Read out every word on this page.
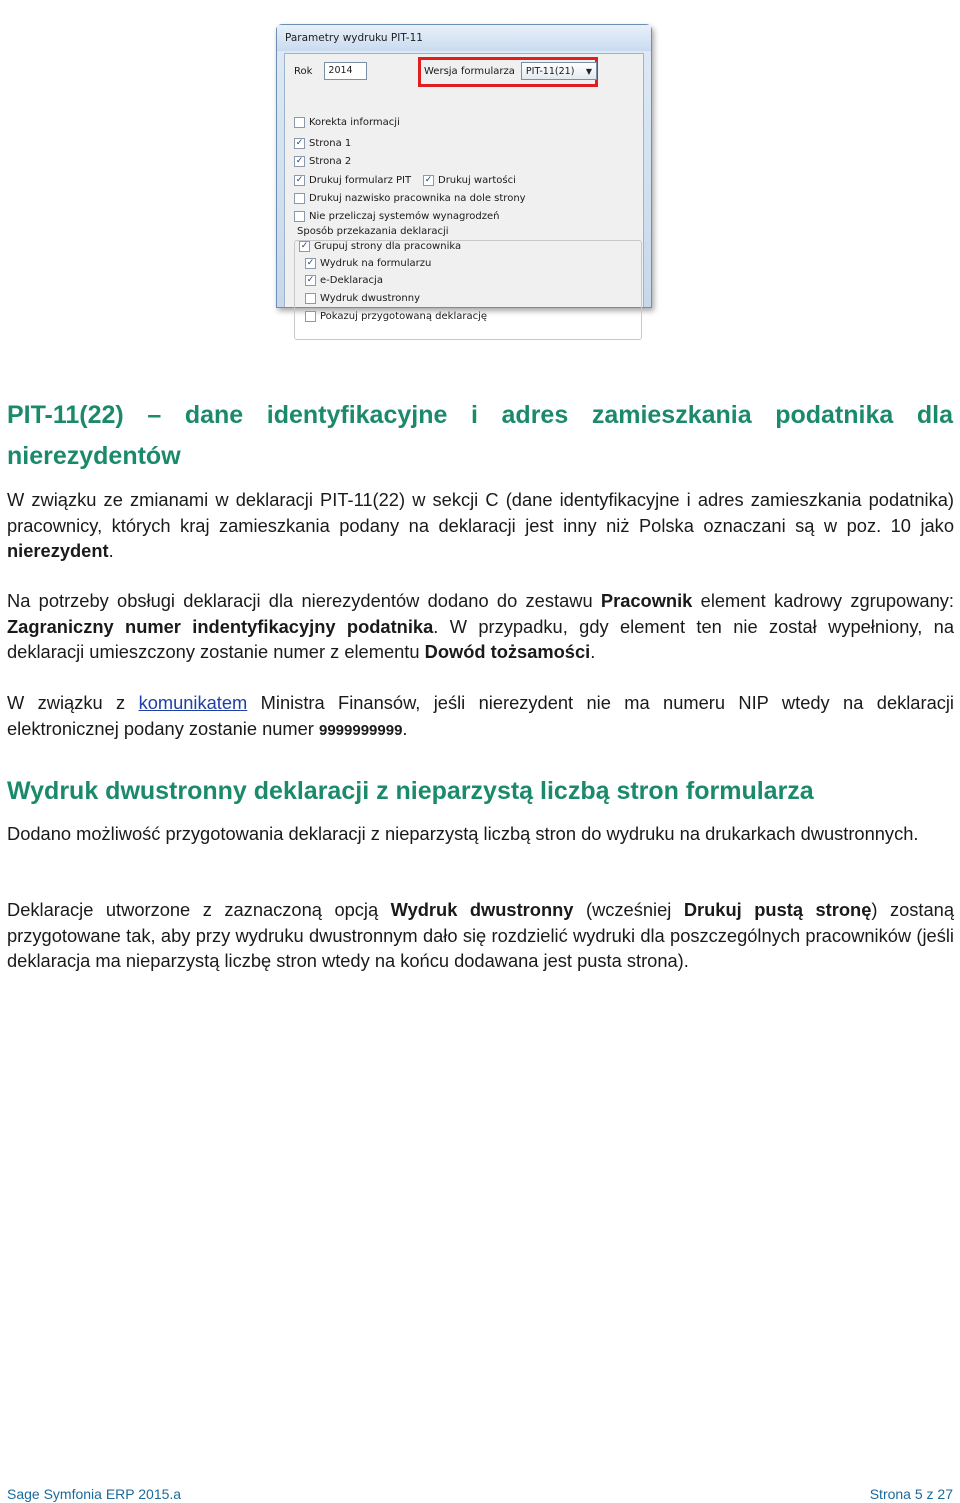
Parametry wydruku PIT-11
Rok	2014	Wersja formularza PIT-11(21)	▼
Korekta informacji
✓ Strona 1
✓ Strona 2
✓ Drukuj formularz PIT ✓ Drukuj wartości
Drukuj nazwisko pracownika na dole strony
Nie przeliczaj systemów wynagrodzeń
Sposób przekazania deklaracji
✓ Grupuj strony dla pracownika
✓ Wydruk na formularzu
✓ e-Deklaracja
Wydruk dwustronny
Pokazuj przygotowaną deklarację
PIT-11(22) – dane identyfikacyjne i adres zamieszkania podatnika dla nierezydentów

W związku ze zmianami w deklaracji PIT-11(22) w sekcji C (dane identyfikacyjne i adres zamieszkania podatnika) pracownicy, których kraj zamieszkania podany na deklaracji jest inny niż Polska oznaczani są w poz. 10 jako nierezydent.

Na potrzeby obsługi deklaracji dla nierezydentów dodano do zestawu Pracownik element kadrowy zgrupowany: Zagraniczny numer indentyfikacyjny podatnika. W przypadku, gdy element ten nie został wypełniony, na deklaracji umieszczony zostanie numer z elementu Dowód tożsamości.

W związku z komunikatem Ministra Finansów, jeśli nierezydent nie ma numeru NIP wtedy na deklaracji elektronicznej podany zostanie numer 9999999999.

Wydruk dwustronny deklaracji z nieparzystą liczbą stron formularza

Dodano możliwość przygotowania deklaracji z nieparzystą liczbą stron do wydruku na drukarkach dwustronnych.

Deklaracje utworzone z zaznaczoną opcją Wydruk dwustronny (wcześniej Drukuj pustą stronę) zostaną przygotowane tak, aby przy wydruku dwustronnym dało się rozdzielić wydruki dla poszczególnych pracowników (jeśli deklaracja ma nieparzystą liczbę stron wtedy na końcu dodawana jest pusta strona).

Sage Symfonia ERP 2015.a	Strona 5 z 27
